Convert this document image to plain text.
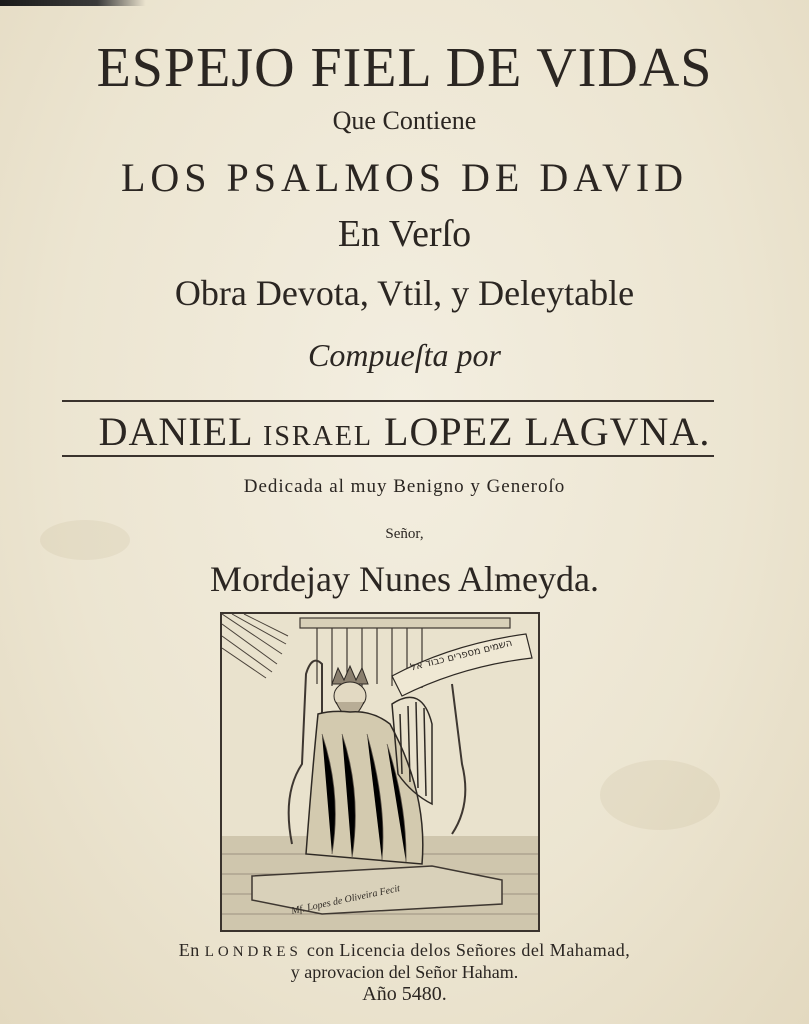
ESPEJO FIEL DE VIDAS
Que Contiene
LOS PSALMOS DE DAVID
En Verſo
Obra Devota, Vtil, y Deleytable
Compueſta por
DANIEL ISRAEL LOPEZ LAGVNA.
Dedicada al muy Benigno y Generoſo
Señor,
Mordejay Nunes Almeyda.
השמים מספרים כבוד אל
Mf. Lopes de Oliveira Fecit
En LONDRES con Licencia delos Señores del Mahamad,
y aprovacion del Señor Haham.
Año 5480.
